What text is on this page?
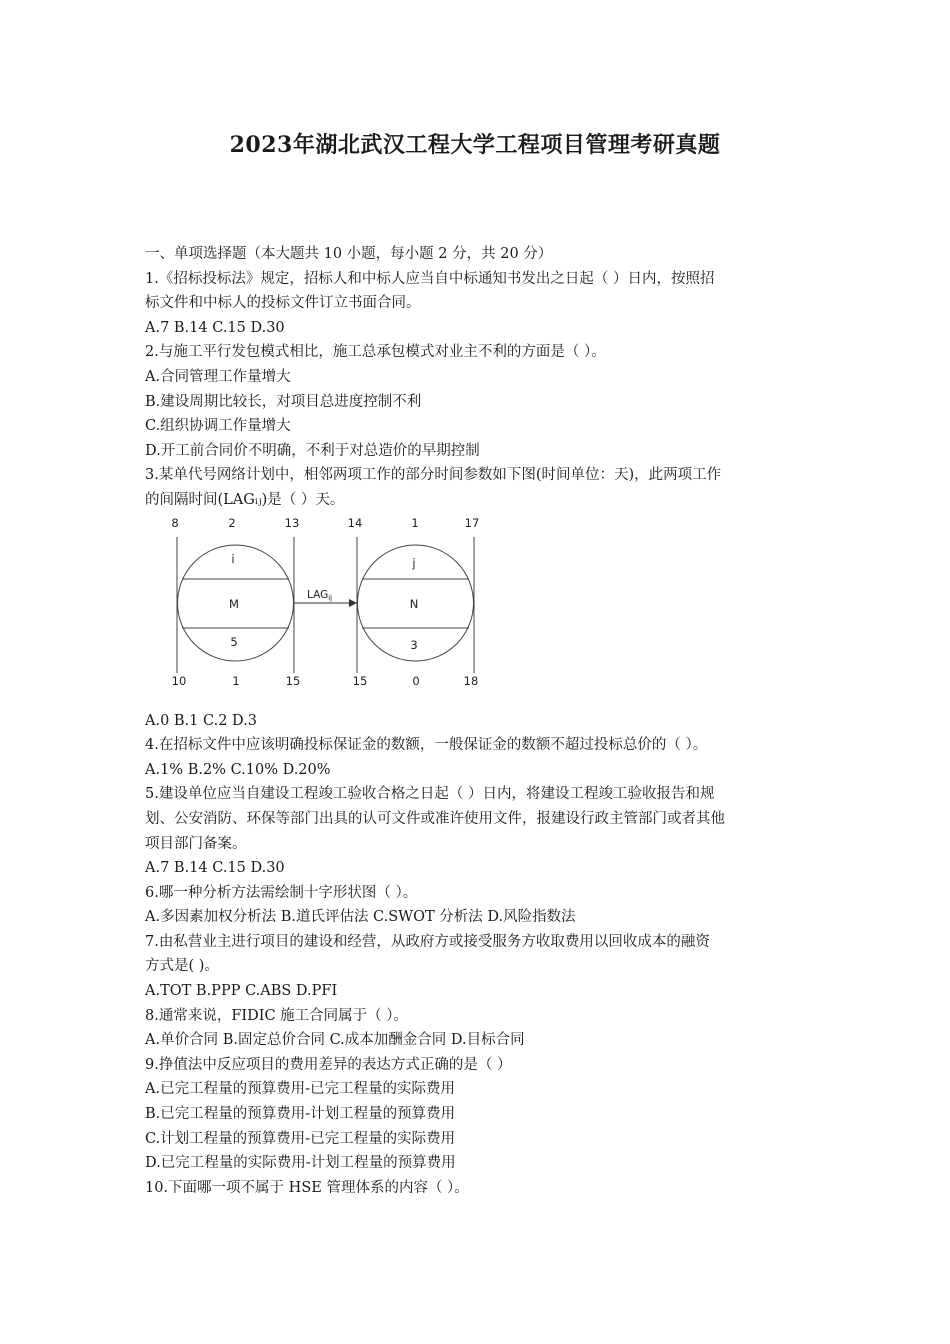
2023年湖北武汉工程大学工程项目管理考研真题
一、单项选择题（本大题共 10 小题，每小题 2 分，共 20 分）
1.《招标投标法》规定，招标人和中标人应当自中标通知书发出之日起（ ）日内，按照招
标文件和中标人的投标文件订立书面合同。
A.7 B.14 C.15 D.30
2.与施工平行发包模式相比，施工总承包模式对业主不利的方面是（ ）。
A.合同管理工作量增大
B.建设周期比较长，对项目总进度控制不利
C.组织协调工作量增大
D.开工前合同价不明确，不利于对总造价的早期控制
3.某单代号网络计划中，相邻两项工作的部分时间参数如下图(时间单位：天)，此两项工作
的间隔时间(LAGᵢⱼ)是（ ）天。
8	2	13
i
M
5
10	1	15
14	1	17
j
N
3
15	0	18
LAGij
A.0 B.1 C.2 D.3
4.在招标文件中应该明确投标保证金的数额，一般保证金的数额不超过投标总价的（ ）。
A.1% B.2% C.10% D.20%
5.建设单位应当自建设工程竣工验收合格之日起（ ）日内，将建设工程竣工验收报告和规
划、公安消防、环保等部门出具的认可文件或准许使用文件，报建设行政主管部门或者其他
项目部门备案。
A.7 B.14 C.15 D.30
6.哪一种分析方法需绘制十字形状图（ ）。
A.多因素加权分析法 B.道氏评估法 C.SWOT 分析法 D.风险指数法
7.由私营业主进行项目的建设和经营，从政府方或接受服务方收取费用以回收成本的融资
方式是( )。
A.TOT B.PPP C.ABS D.PFI
8.通常来说，FIDIC 施工合同属于（ ）。
A.单价合同 B.固定总价合同 C.成本加酬金合同 D.目标合同
9.挣值法中反应项目的费用差异的表达方式正确的是（ ）
A.已完工程量的预算费用-已完工程量的实际费用
B.已完工程量的预算费用-计划工程量的预算费用
C.计划工程量的预算费用-已完工程量的实际费用
D.已完工程量的实际费用-计划工程量的预算费用
10.下面哪一项不属于 HSE 管理体系的内容（ ）。
